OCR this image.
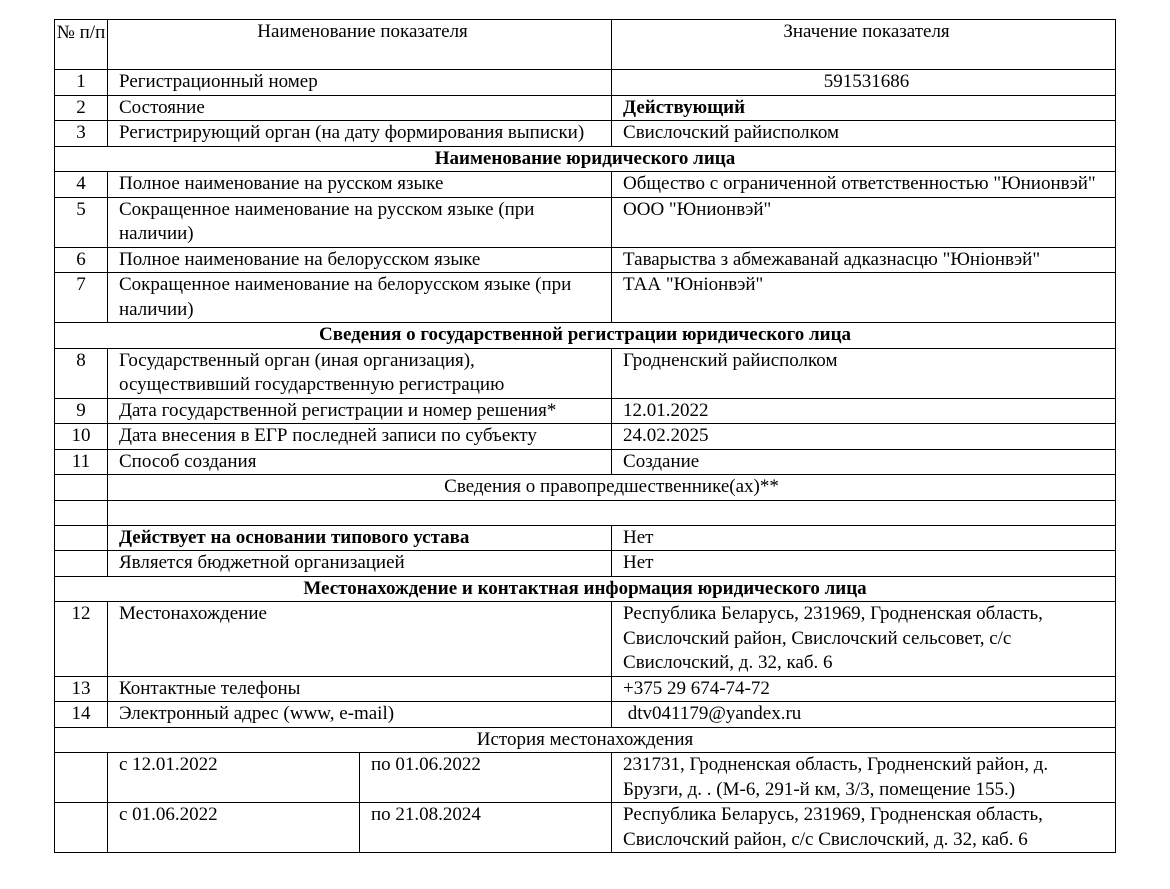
№ п/п	Наименование показателя		Значение показателя
1	Регистрационный номер		591531686
2	Состояние		Действующий
3	Регистрирующий орган (на дату формирования выписки)		Свислочский райисполком
Наименование юридического лица			
4	Полное наименование на русском языке		Общество с ограниченной ответственностью "Юнионвэй"
5	Сокращенное наименование на русском языке (при наличии)		ООО "Юнионвэй"
6	Полное наименование на белорусском языке		Таварыства з абмежаванай адказнасцю "Юніонвэй"
7	Сокращенное наименование на белорусском языке (при наличии)		ТАА "Юніонвэй"
Сведения о государственной регистрации юридического лица			
8	Государственный орган (иная организация), осуществивший государственную регистрацию		Гродненский райисполком
9	Дата государственной регистрации и номер решения*		12.01.2022
10	Дата внесения в ЕГР последней записи по субъекту		24.02.2025
11	Способ создания		Создание
	Сведения о правопредшественнике(ах)**		

	Действует на основании типового устава		Нет
	Является бюджетной организацией		Нет
Местонахождение и контактная информация юридического лица			
12	Местонахождение		Республика Беларусь, 231969, Гродненская область, Свислочский район, Свислочский сельсовет, с/с Свислочский, д. 32, каб. 6
13	Контактные телефоны		+375 29 674-74-72
14	Электронный адрес (www, e-mail)		dtv041179@yandex.ru
История местонахождения			
	с 12.01.2022	по 01.06.2022	231731, Гродненская область, Гродненский район, д. Брузги, д. . (М-6, 291-й км, 3/3, помещение 155.)
	с 01.06.2022	по 21.08.2024	Республика Беларусь, 231969, Гродненская область, Свислочский район, с/с Свислочский, д. 32, каб. 6
